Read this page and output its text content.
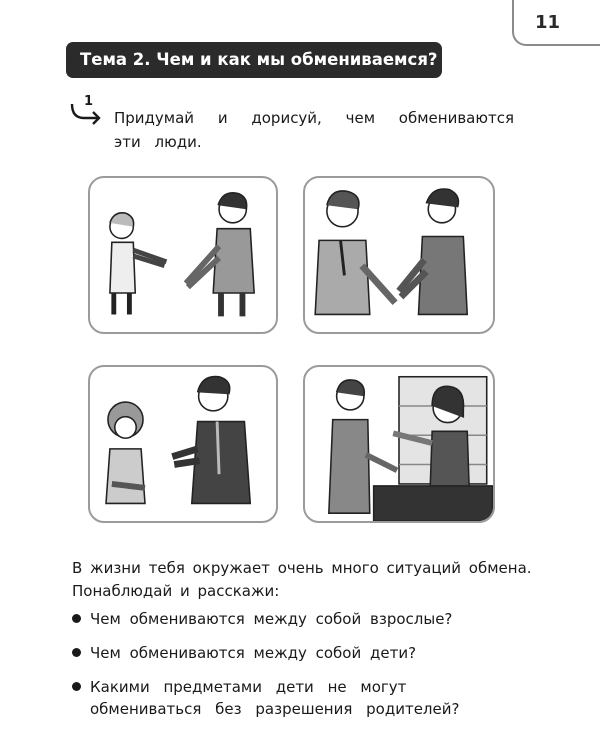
11
Тема 2. Чем и как мы обмениваемся?
1
Придумай и дорисуй, чем обмениваются эти люди.
В жизни тебя окружает очень много ситуаций обмена. Понаблюдай и расскажи:
Чем обмениваются между собой взрослые?
Чем обмениваются между собой дети?
Какими предметами дети не могут обмениваться без разрешения родителей?
